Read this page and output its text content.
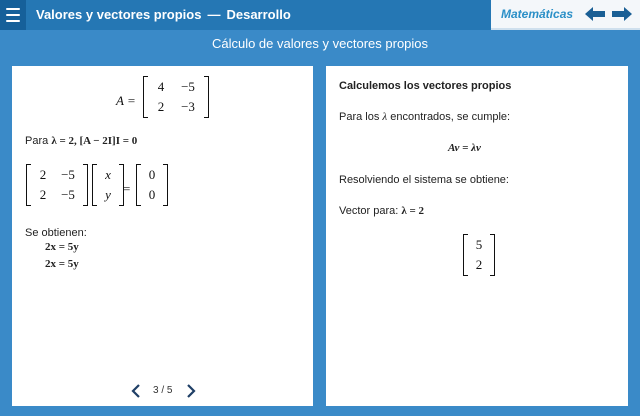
Valores y vectores propios — Desarrollo	Matemáticas
Cálculo de valores y vectores propios
A =
4 −5
2 −3
Para λ = 2, [A − 2I]I = 0
2 −5
2 −5
x
y =
0
0
Se obtienen:
2x = 5y
2x = 5y
3 / 5
Calculemos los vectores propios
Para los λ encontrados, se cumple:
Av = λv
Resolviendo el sistema se obtiene:
Vector para: λ = 2
5
2
